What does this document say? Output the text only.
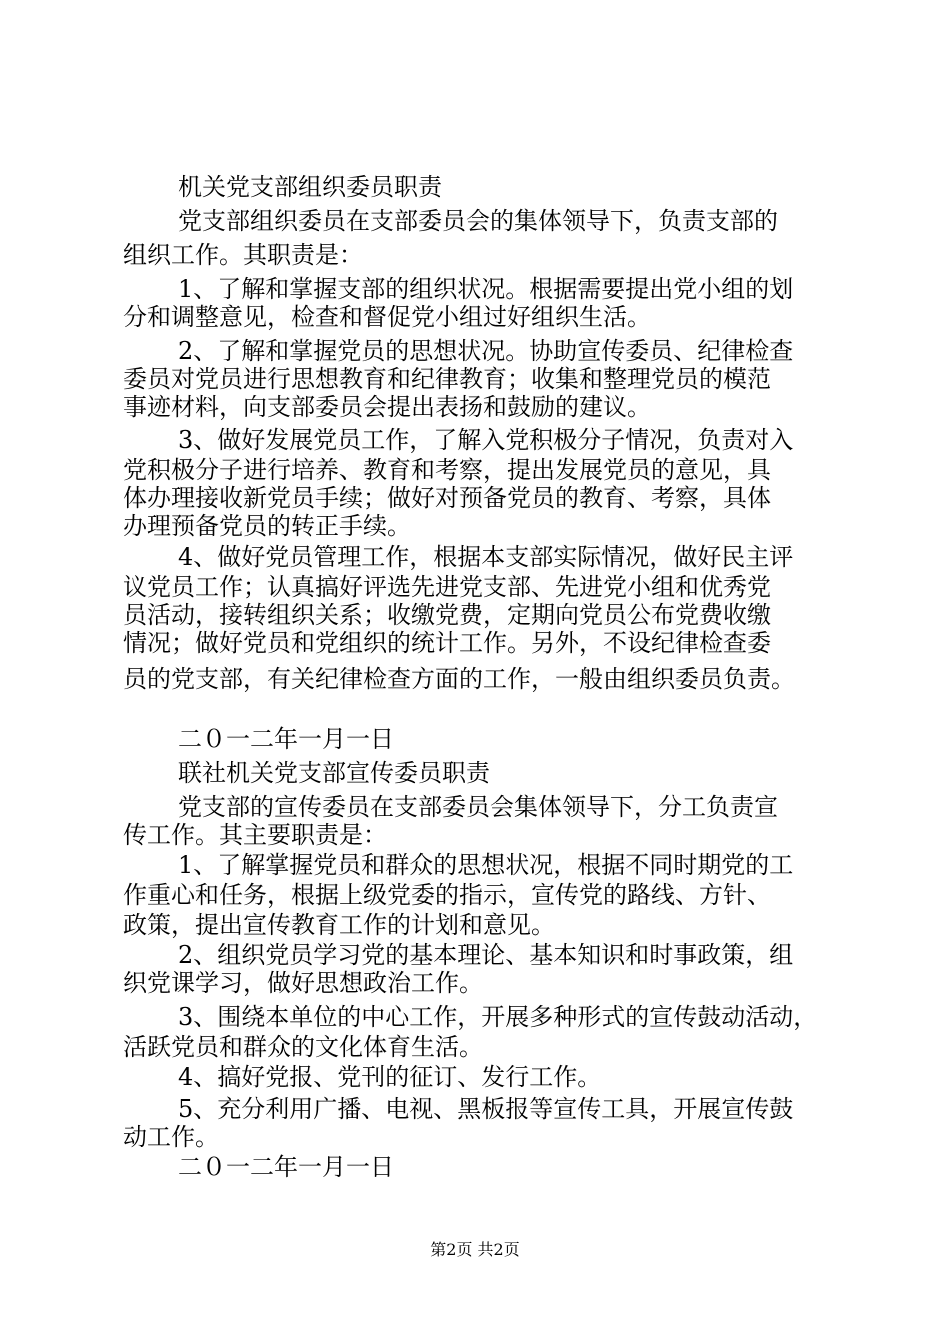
机关党支部组织委员职责
党支部组织委员在支部委员会的集体领导下，负责支部的
组织工作。其职责是：
1、了解和掌握支部的组织状况。根据需要提出党小组的划
分和调整意见，检查和督促党小组过好组织生活。
2、了解和掌握党员的思想状况。协助宣传委员、纪律检查
委员对党员进行思想教育和纪律教育；收集和整理党员的模范
事迹材料，向支部委员会提出表扬和鼓励的建议。
3、做好发展党员工作，了解入党积极分子情况，负责对入
党积极分子进行培养、教育和考察，提出发展党员的意见，具
体办理接收新党员手续；做好对预备党员的教育、考察，具体
办理预备党员的转正手续。
4、做好党员管理工作，根据本支部实际情况，做好民主评
议党员工作；认真搞好评选先进党支部、先进党小组和优秀党
员活动，接转组织关系；收缴党费，定期向党员公布党费收缴
情况；做好党员和党组织的统计工作。另外，不设纪律检查委
员的党支部，有关纪律检查方面的工作，一般由组织委员负责。
二０一二年一月一日
联社机关党支部宣传委员职责
党支部的宣传委员在支部委员会集体领导下，分工负责宣
传工作。其主要职责是：
1、了解掌握党员和群众的思想状况，根据不同时期党的工
作重心和任务，根据上级党委的指示，宣传党的路线、方针、
政策，提出宣传教育工作的计划和意见。
2、组织党员学习党的基本理论、基本知识和时事政策，组
织党课学习，做好思想政治工作。
3、围绕本单位的中心工作，开展多种形式的宣传鼓动活动，
活跃党员和群众的文化体育生活。
4、搞好党报、党刊的征订、发行工作。
5、充分利用广播、电视、黑板报等宣传工具，开展宣传鼓
动工作。
二０一二年一月一日
第2页 共2页
